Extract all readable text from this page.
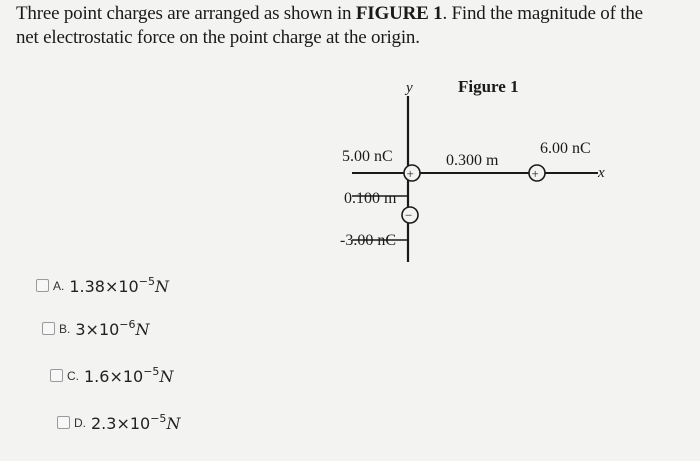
Three point charges are arranged as shown in FIGURE 1. Find the magnitude of the net electrostatic force on the point charge at the origin.
y
x
Figure 1
5.00 nC
+
0.300 m
6.00 nC
+
0.100 m
−
-3.00 nC
A. $1.38\times 10^{-5}N$
B. $3\times 10^{-6}N$
C. $1.6\times 10^{-5}N$
D. $2.3\times 10^{-5}N$
